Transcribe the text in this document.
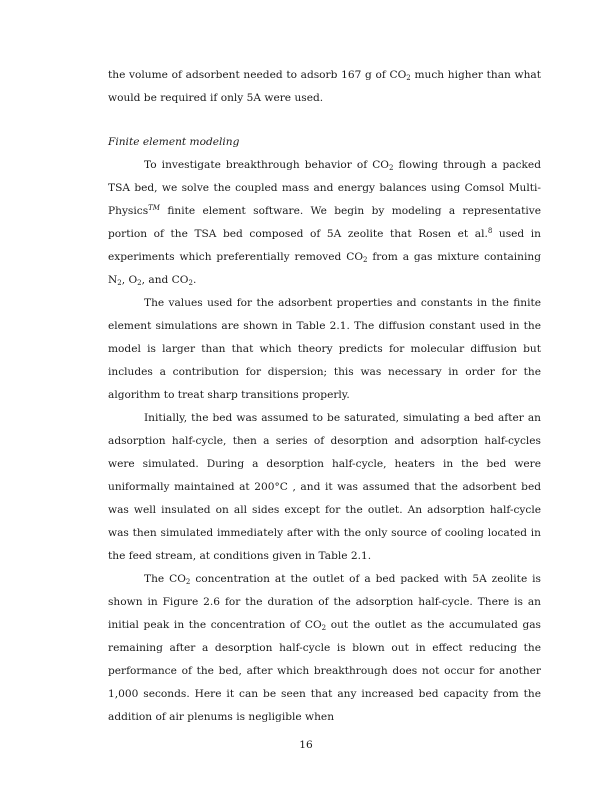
the volume of adsorbent needed to adsorb 167 g of $CO_2$ much higher than what would be required if only 5A were used.

Finite element modeling

To investigate breakthrough behavior of $CO_2$ flowing through a packed TSA bed, we solve the coupled mass and energy balances using Comsol Multi-Physics™ finite element software. We begin by modeling a representative portion of the TSA bed composed of 5A zeolite that Rosen et al.$^8$ used in experiments which preferentially removed $CO_2$ from a gas mixture containing $N_2$, $O_2$, and $CO_2$.

The values used for the adsorbent properties and constants in the finite element simulations are shown in Table 2.1. The diffusion constant used in the model is larger than that which theory predicts for molecular diffusion but includes a contribution for dispersion; this was necessary in order for the algorithm to treat sharp transitions properly.

Initially, the bed was assumed to be saturated, simulating a bed after an adsorption half-cycle, then a series of desorption and adsorption half-cycles were simulated. During a desorption half-cycle, heaters in the bed were uniformally maintained at 200°C , and it was assumed that the adsorbent bed was well insulated on all sides except for the outlet. An adsorption half-cycle was then simulated immediately after with the only source of cooling located in the feed stream, at conditions given in Table 2.1.

The $CO_2$ concentration at the outlet of a bed packed with 5A zeolite is shown in Figure 2.6 for the duration of the adsorption half-cycle. There is an initial peak in the concentration of $CO_2$ out the outlet as the accumulated gas remaining after a desorption half-cycle is blown out in effect reducing the performance of the bed, after which breakthrough does not occur for another 1,000 seconds. Here it can be seen that any increased bed capacity from the addition of air plenums is negligible when

16
